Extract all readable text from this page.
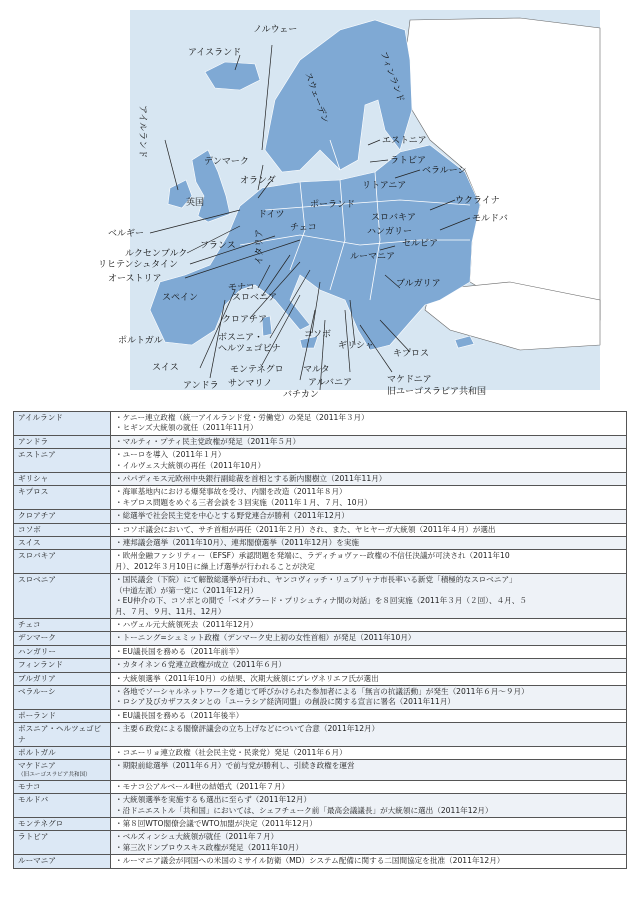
ノルウェー
アイスランド
アイルランド
フィンランド
スウェーデン
エストニア
ラトビア
ベラルーシ
デンマーク
オランダ	リトアニア
英国	ウクライナ
モルドバ
ベルギー
ドイツ
ポーランド
スロバキア
チェコ	ハンガリー
ルクセンブルク
フランス	セルビア
リヒテンシュタイン
ルーマニア
オーストリア
イタリア
ブルガリア
モナコ
スロベニア
スペイン
クロアチア
ボスニア・
ヘルツェゴビナ
コソボ
ポルトガル	ギリシャ
キプロス
モンテネグロ マルタ
スイス
アルバニア	マケドニア
旧ユーゴスラビア共和国
アンドラ サンマリノ
バチカン
アイルランド	・ケニー連立政権（統一アイルランド党・労働党）の発足（2011年３月）
・ヒギンズ大統領の就任（2011年11月）

アンドラ	・マルティ・プティ民主党政権が発足（2011年５月）

エストニア	・ユーロを導入（2011年１月）
・イルヴェス大統領の再任（2011年10月）

ギリシャ	・パパディモス元欧州中央銀行副総裁を首相とする新内閣樹立（2011年11月）

キプロス	・海軍基地内における爆発事故を受け、内閣を改造（2011年８月）
・キプロス問題をめぐる三者会談を３回実施（2011年１月、７月、10月）

クロアチア	・総選挙で社会民主党を中心とする野党連合が勝利（2011年12月）

コソボ	・コソボ議会において、サチ首相が再任（2011年２月）され、また、ヤヒヤーガ大統領（2011年４月）が選出

スイス	・連邦議会選挙（2011年10月）、連邦閣僚選挙（2011年12月）を実施

スロバキア	・欧州金融ファシリティー（EFSF）承認問題を発端に、ラディチョヴァー政権の不信任決議が可決され（2011年10
月）、2012年３月10日に繰上げ選挙が行われることが決定

スロベニア	・国民議会（下院）にて解散総選挙が行われ、ヤンコヴィッチ・リュブリャナ市長率いる新党「積極的なスロベニア」
（中道左派）が第一党に（2011年12月）
・EU仲介の下、コソボとの間で「ベオグラード・プリシュティナ間の対話」を８回実施（2011年３月（２回）、４月、５
月、７月、９月、11月、12月）

チェコ	・ハヴェル元大統領死去（2011年12月）

デンマーク	・トーニング=シュミット政権（デンマーク史上初の女性首相）が発足（2011年10月）

ハンガリー	・EU議長国を務める（2011年前半）

フィンランド	・カタイネン６党連立政権が成立（2011年６月）

ブルガリア	・大統領選挙（2011年10月）の結果、次期大統領にプレヴネリエフ氏が選出

ベラルーシ	・各地でソーシャルネットワークを通じて呼びかけられた参加者による「無言の抗議活動」が発生（2011年６月～９月）
・ロシア及びカザフスタンとの「ユーラシア経済同盟」の創設に関する宣言に署名（2011年11月）

ポーランド	・EU議長国を務める（2011年後半）

ボスニア・ヘルツェゴビナ	・主要６政党による閣僚評議会の立ち上げなどについて合意（2011年12月）

ポルトガル	・コエーリョ連立政権（社会民主党・民衆党）発足（2011年６月）

マケドニア
（旧ユーゴスラビア共和国）	・期限前総選挙（2011年６月）で前与党が勝利し、引続き政権を運営

モナコ	・モナコ公アルベールⅡ世の結婚式（2011年７月）

モルドバ	・大統領選挙を実施するも選出に至らず（2011年12月）
・沿ドニエストル「共和国」においては、シェフチューク前「最高会議議長」が大統領に選出（2011年12月）

モンテネグロ	・第８回WTO閣僚会議でWTO加盟が決定（2011年12月）

ラトビア	・ベルズィンシュ大統領が就任（2011年７月）
・第三次ドンブロウスキス政権が発足（2011年10月）

ルーマニア	・ルーマニア議会が同国への米国のミサイル防衛（MD）システム配備に関する二国間協定を批准（2011年12月）
